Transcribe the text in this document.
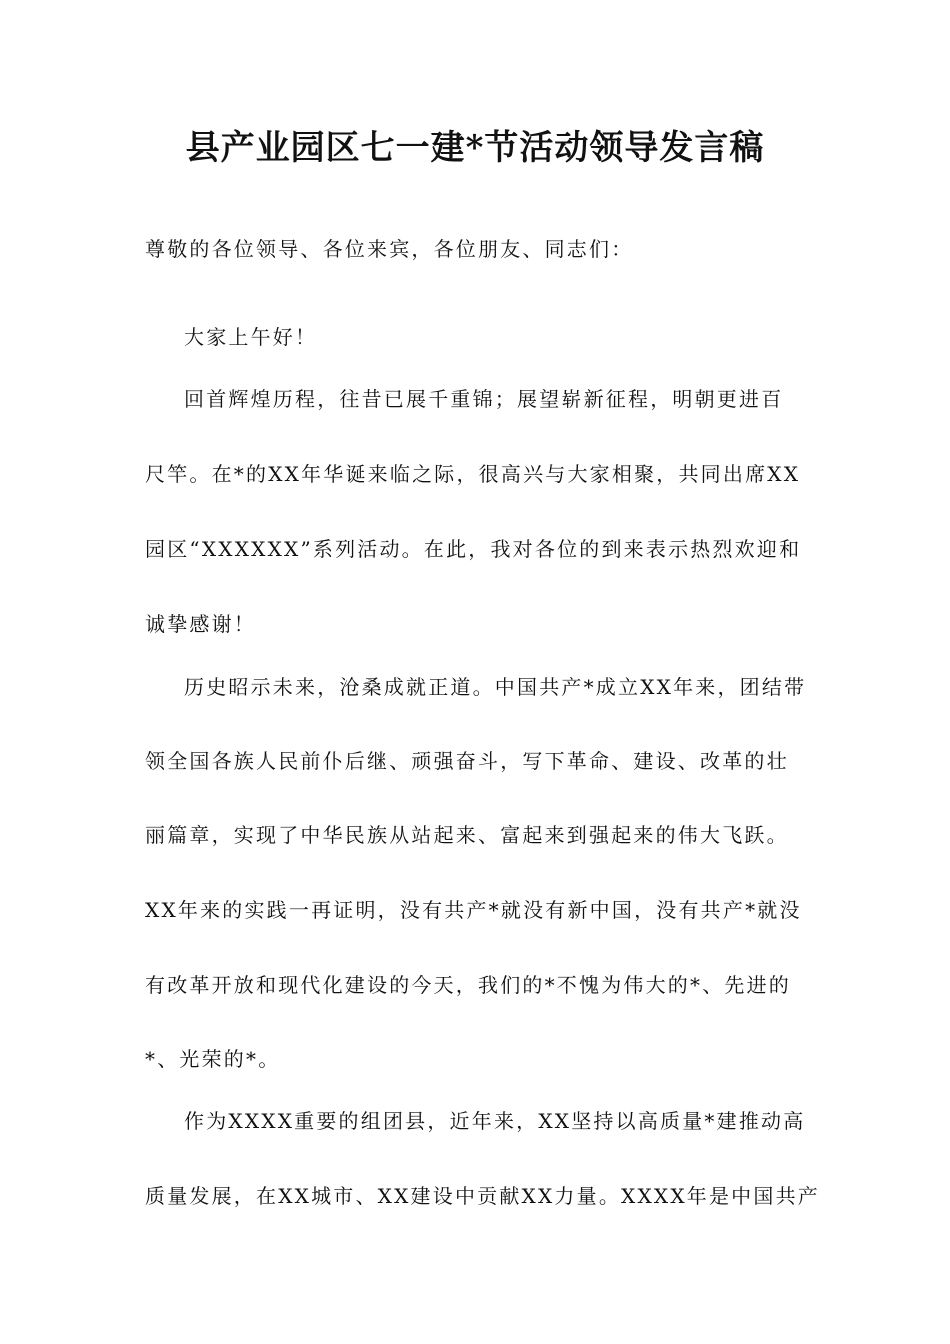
县产业园区七一建*节活动领导发言稿
尊敬的各位领导、各位来宾，各位朋友、同志们：
大家上午好！
回首辉煌历程，往昔已展千重锦；展望崭新征程，明朝更进百
尺竿。在*的XX年华诞来临之际，很高兴与大家相聚，共同出席XX
园区“XXXXXX”系列活动。在此，我对各位的到来表示热烈欢迎和
诚挚感谢！
历史昭示未来，沧桑成就正道。中国共产*成立XX年来，团结带
领全国各族人民前仆后继、顽强奋斗，写下革命、建设、改革的壮
丽篇章，实现了中华民族从站起来、富起来到强起来的伟大飞跃。
XX年来的实践一再证明，没有共产*就没有新中国，没有共产*就没
有改革开放和现代化建设的今天，我们的*不愧为伟大的*、先进的
*、光荣的*。
作为XXXX重要的组团县，近年来，XX坚持以高质量*建推动高
质量发展，在XX城市、XX建设中贡献XX力量。XXXX年是中国共产
